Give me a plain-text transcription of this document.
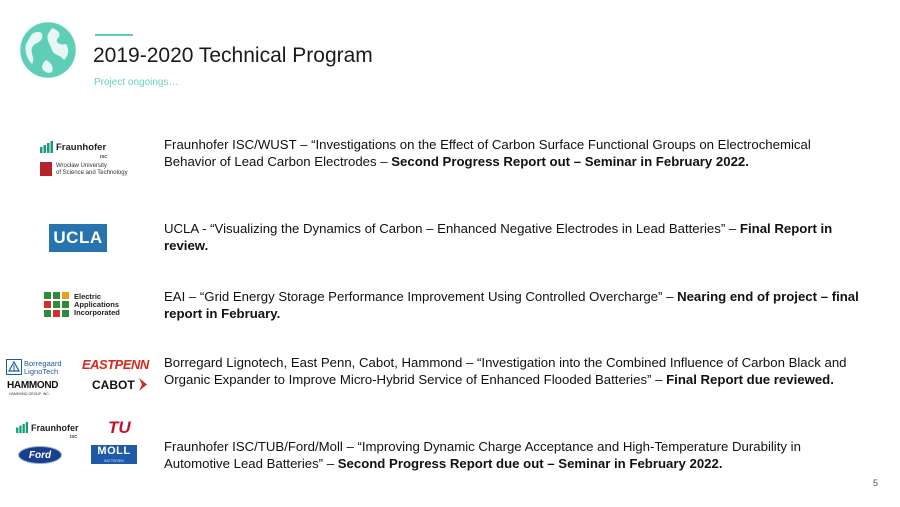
2019-2020 Technical Program
Project ongoings…
Fraunhofer
ISC
Wrocław University
of Science and Technology
Fraunhofer ISC/WUST – “Investigations on the Effect of Carbon Surface Functional Groups on Electrochemical Behavior of Lead Carbon Electrodes – Second Progress Report out – Seminar in February 2022.
UCLA	UCLA - “Visualizing the Dynamics of Carbon – Enhanced Negative Electrodes in Lead Batteries” – Final Report in review.
Electric
Applications
Incorporated
EAI – “Grid Energy Storage Performance Improvement Using Controlled Overcharge” – Nearing end of project – final report in February.
Borregaard
LignoTech EASTPENN
HAMMOND
HAMMOND GROUP, INC.
CABOT
Borregard Lignotech, East Penn, Cabot, Hammond – “Investigation into the Combined Influence of Carbon Black and Organic Expander to Improve Micro-Hybrid Service of Enhanced Flooded Batteries” – Final Report due reviewed.
Fraunhofer
ISC TU
Ford	MOLL
BATTERIEN
Fraunhofer ISC/TUB/Ford/Moll – “Improving Dynamic Charge Acceptance and High-Temperature Durability in Automotive Lead Batteries” – Second Progress Report due out – Seminar in February 2022.
5
